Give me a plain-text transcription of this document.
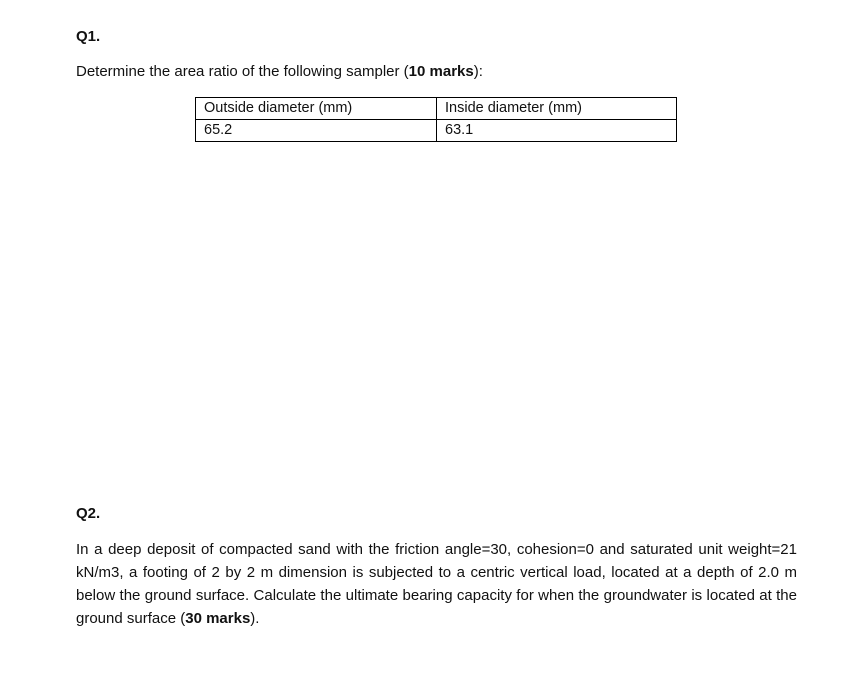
Q1.

Determine the area ratio of the following sampler (10 marks):

Outside diameter (mm)	Inside diameter (mm)
65.2	63.1
Q2.

In a deep deposit of compacted sand with the friction angle=30, cohesion=0 and saturated unit weight=21 kN/m3, a footing of 2 by 2 m dimension is subjected to a centric vertical load, located at a depth of 2.0 m below the ground surface. Calculate the ultimate bearing capacity for when the groundwater is located at the ground surface (30 marks).
